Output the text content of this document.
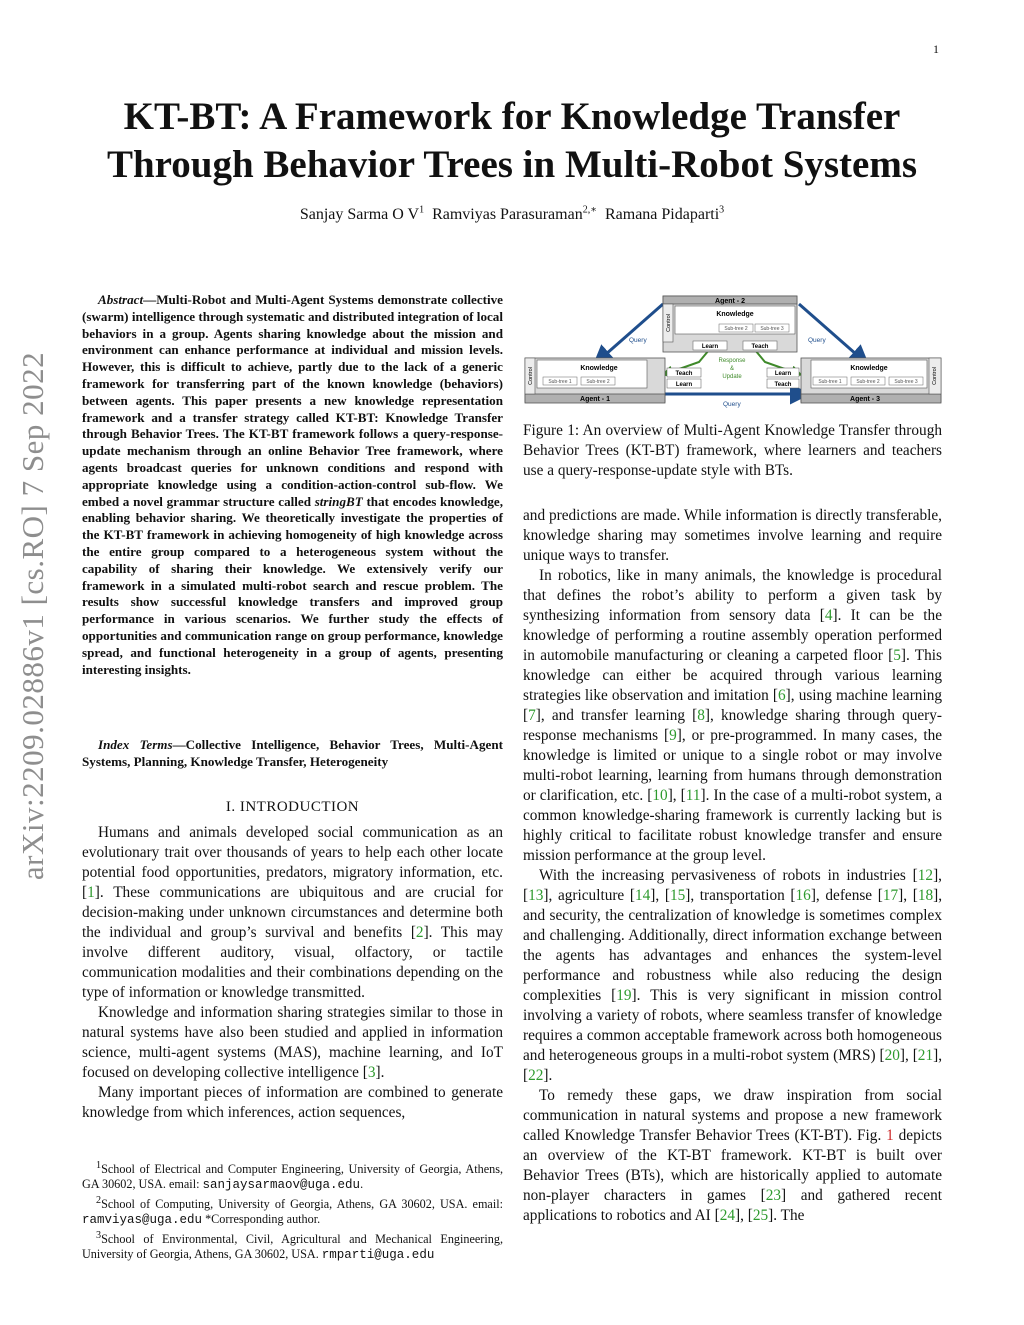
1
arXiv:2209.02886v1 [cs.RO] 7 Sep 2022
KT-BT: A Framework for Knowledge Transfer
Through Behavior Trees in Multi-Robot Systems
Sanjay Sarma O $V^1$ Ramviyas Parasuraman$^{2,∗}$ Ramana Pidaparti$^3$
Abstract—Multi-Robot and Multi-Agent Systems demonstrate collective (swarm) intelligence through systematic and distributed integration of local behaviors in a group. Agents sharing knowledge about the mission and environment can enhance performance at individual and mission levels. However, this is difficult to achieve, partly due to the lack of a generic framework for transferring part of the known knowledge (behaviors) between agents. This paper presents a new knowledge representation framework and a transfer strategy called KT-BT: Knowledge Transfer through Behavior Trees. The KT-BT framework follows a query-response-update mechanism through an online Behavior Tree framework, where agents broadcast queries for unknown conditions and respond with appropriate knowledge using a condition-action-control sub-flow. We embed a novel grammar structure called stringBT that encodes knowledge, enabling behavior sharing. We theoretically investigate the properties of the KT-BT framework in achieving homogeneity of high knowledge across the entire group compared to a heterogeneous system without the capability of sharing their knowledge. We extensively verify our framework in a simulated multi-robot search and rescue problem. The results show successful knowledge transfers and improved group performance in various scenarios. We further study the effects of opportunities and communication range on group performance, knowledge spread, and functional heterogeneity in a group of agents, presenting interesting insights.
Index Terms—Collective Intelligence, Behavior Trees, Multi-Agent Systems, Planning, Knowledge Transfer, Heterogeneity
I. INTRODUCTION

Humans and animals developed social communication as an evolutionary trait over thousands of years to help each other locate potential food opportunities, predators, migratory information, etc. [1]. These communications are ubiquitous and are crucial for decision-making under unknown circumstances and determine both the individual and group’s survival and benefits [2]. This may involve different auditory, visual, olfactory, or tactile communication modalities and their combinations depending on the type of information or knowledge transmitted.

Knowledge and information sharing strategies similar to those in natural systems have also been studied and applied in information science, multi-agent systems (MAS), machine learning, and IoT focused on developing collective intelligence [3].

Many important pieces of information are combined to generate knowledge from which inferences, action sequences,

$^1$School of Electrical and Computer Engineering, University of Georgia, Athens, GA 30602, USA. email: sanjaysarmaov@uga.edu.

$^2$School of Computing, University of Georgia, Athens, GA 30602, USA. email: ramviyas@uga.edu *Corresponding author.

$^3$School of Environmental, Civil, Agricultural and Mechanical Engineering, University of Georgia, Athens, GA 30602, USA. rmparti@uga.edu

Query	Query
Query
Response
&
Update
Agent - 2
Control	Knowledge
Sub-tree 2	Sub-tree 3
Learn	Teach
Agent - 1
Control	Knowledge
Sub-tree 1	Sub-tree 2
Teach
Learn
Agent - 3
Control
Knowledge
Sub-tree 1	Sub-tree 2	Sub-tree 3
Learn
Teach
Figure 1: An overview of Multi-Agent Knowledge Transfer through Behavior Trees (KT-BT) framework, where learners and teachers use a query-response-update style with BTs.

and predictions are made. While information is directly transferable, knowledge sharing may sometimes involve learning and require unique ways to transfer.

In robotics, like in many animals, the knowledge is procedural that defines the robot’s ability to perform a given task by synthesizing information from sensory data [4]. It can be the knowledge of performing a routine assembly operation performed in automobile manufacturing or cleaning a carpeted floor [5]. This knowledge can either be acquired through various learning strategies like observation and imitation [6], using machine learning [7], and transfer learning [8], knowledge sharing through query-response mechanisms [9], or pre-programmed. In many cases, the knowledge is limited or unique to a single robot or may involve multi-robot learning, learning from humans through demonstration or clarification, etc. [10], [11]. In the case of a multi-robot system, a common knowledge-sharing framework is currently lacking but is highly critical to facilitate robust knowledge transfer and ensure mission performance at the group level.

With the increasing pervasiveness of robots in industries [12], [13], agriculture [14], [15], transportation [16], defense [17], [18], and security, the centralization of knowledge is sometimes complex and challenging. Additionally, direct information exchange between the agents has advantages and enhances the system-level performance and robustness while also reducing the design complexities [19]. This is very significant in mission control involving a variety of robots, where seamless transfer of knowledge requires a common acceptable framework across both homogeneous and heterogeneous groups in a multi-robot system (MRS) [20], [21], [22].

To remedy these gaps, we draw inspiration from social communication in natural systems and propose a new framework called Knowledge Transfer Behavior Trees (KT-BT). Fig. 1 depicts an overview of the KT-BT framework. KT-BT is built over Behavior Trees (BTs), which are historically applied to automate non-player characters in games [23] and gathered recent applications to robotics and AI [24], [25]. The
